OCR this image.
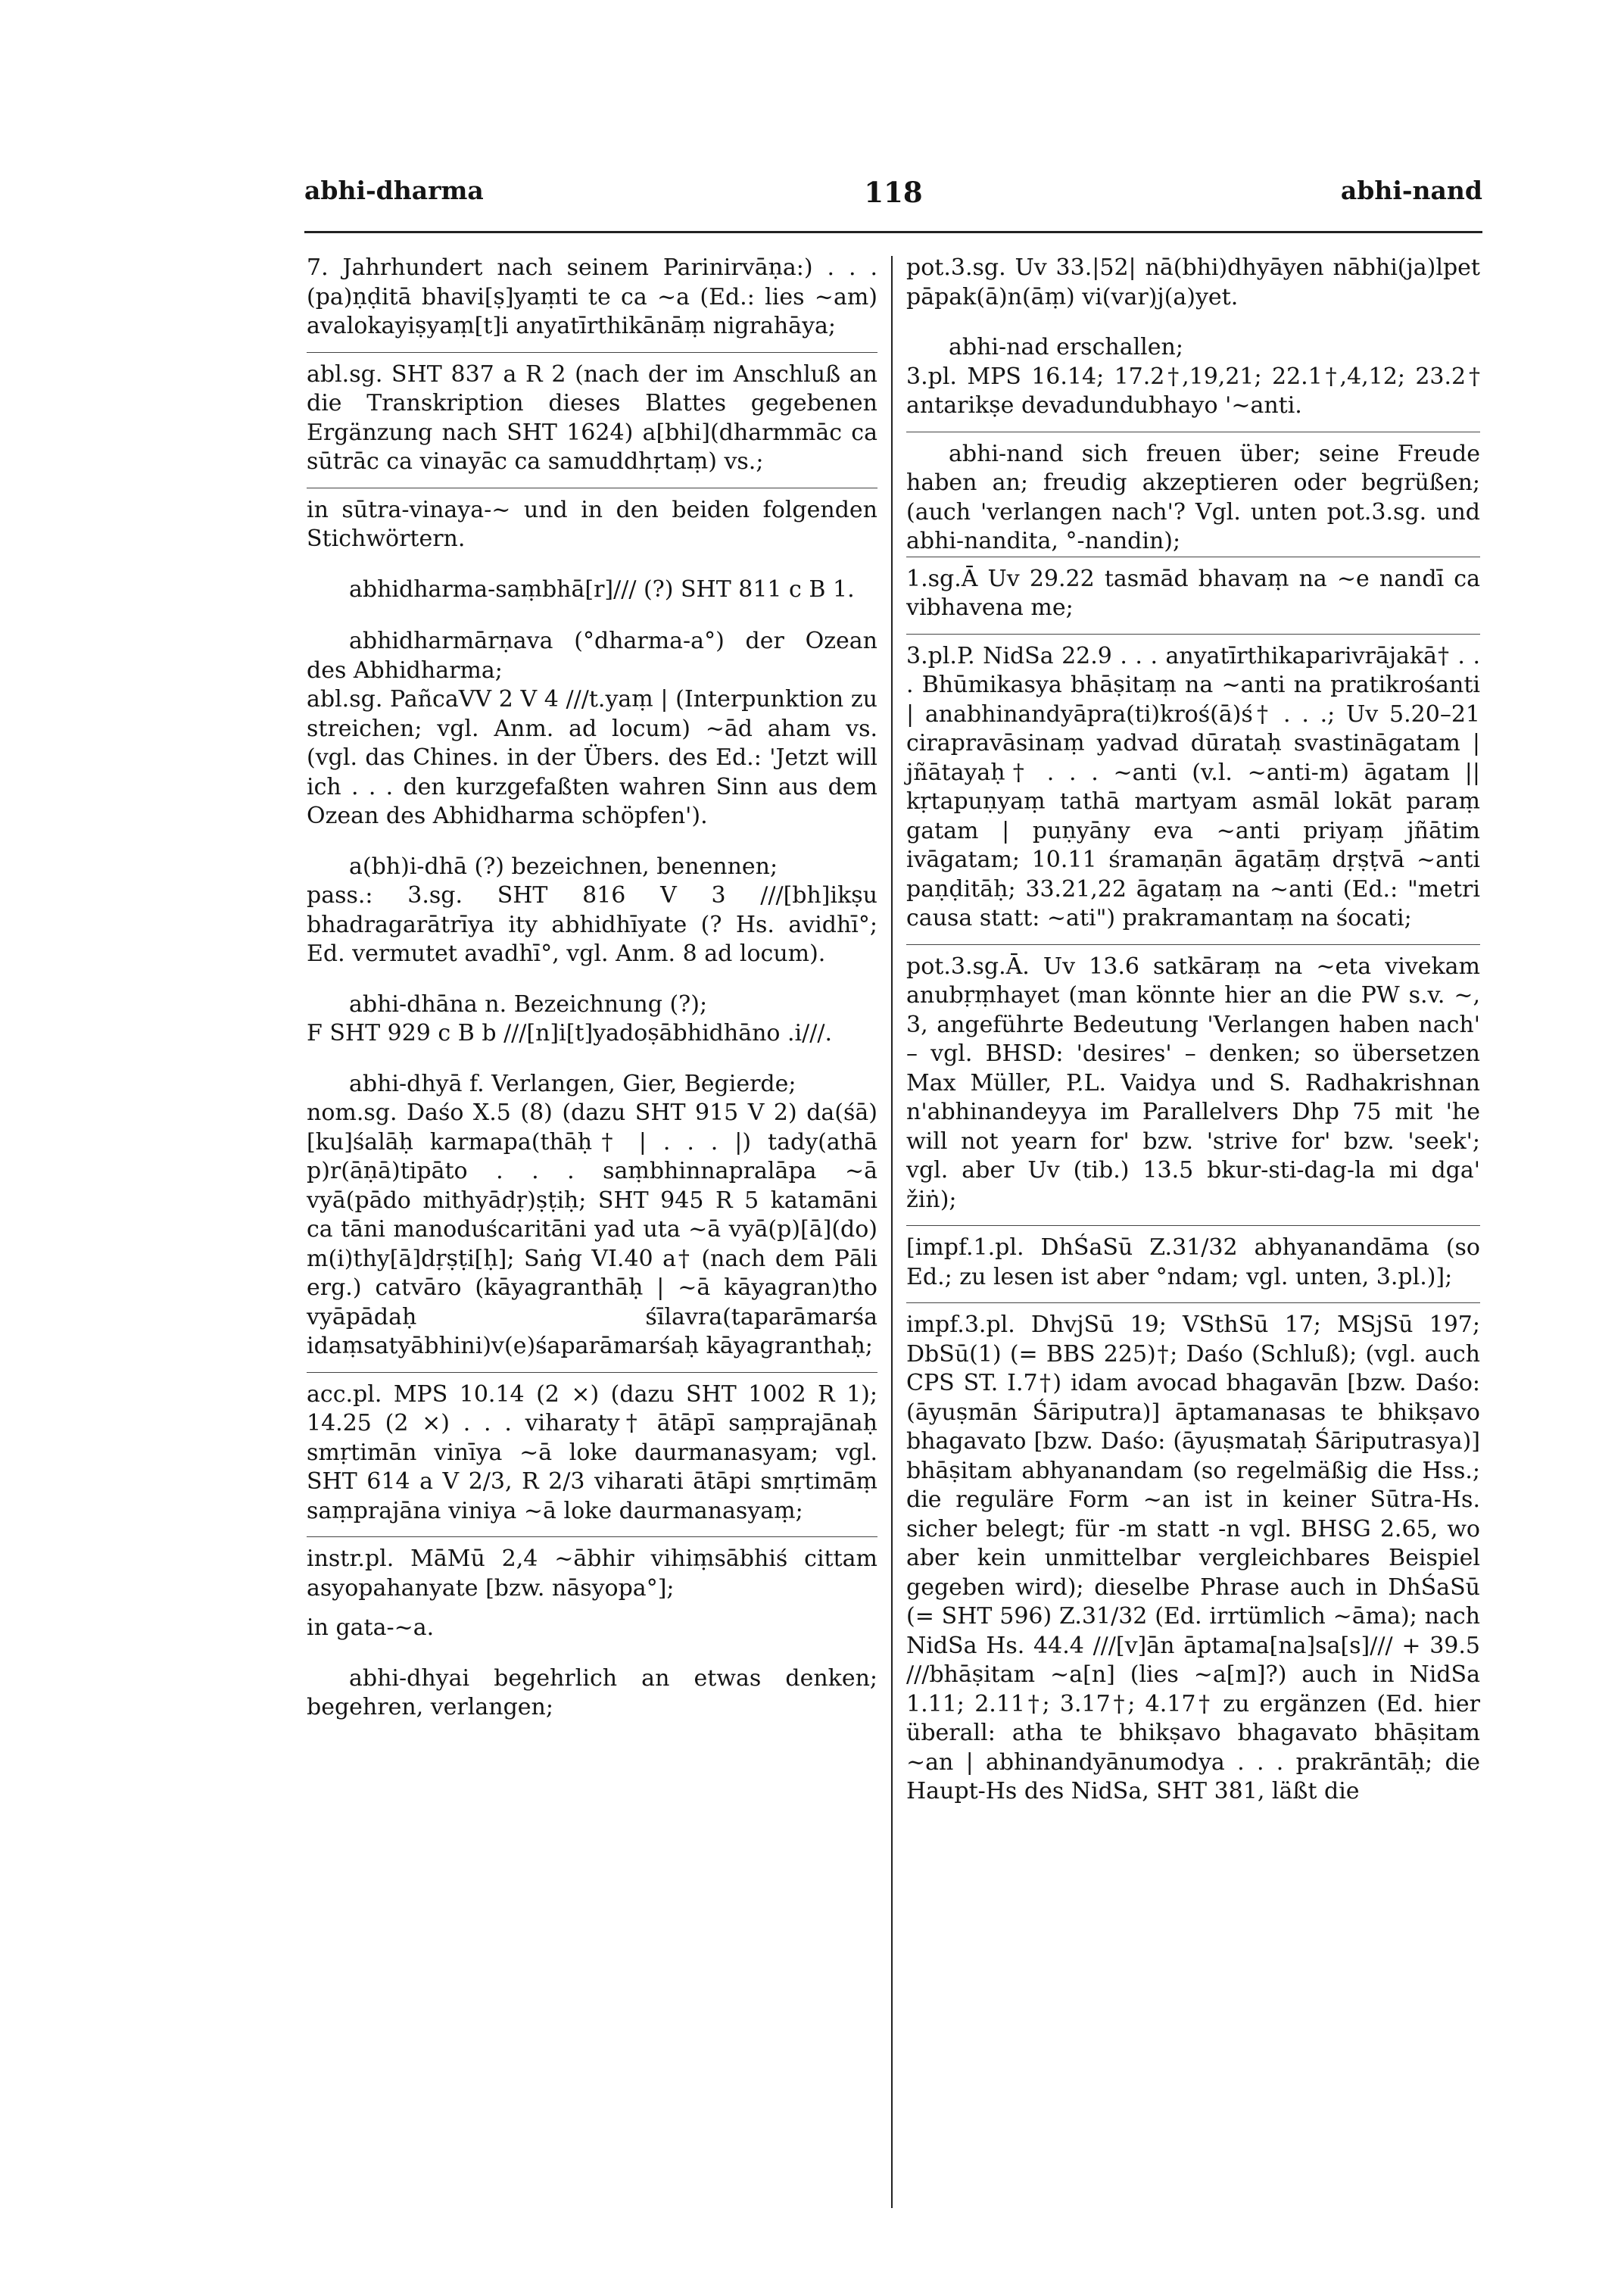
abhi-dharma	118	abhi-nand

7. Jahrhundert nach seinem Parinirvāṇa:) . . . (pa)ṇḍitā bhavi[ṣ]yaṃti te ca ~a (Ed.: lies ~am) avalokayiṣyaṃ[t]i anyatīrthikānāṃ nigrahāya;

abl.sg. SHT 837 a R 2 (nach der im Anschluß an die Transkription dieses Blattes gegebenen Ergänzung nach SHT 1624) a[bhi](dharmmāc ca sūtrāc ca vinayāc ca samuddhṛtaṃ) vs.;

in sūtra-vinaya-~ und in den beiden folgenden Stichwörtern.

abhidharma-saṃbhā[r]/// (?) SHT 811 c B 1.

abhidharmārṇava (°dharma-a°) der Ozean des Abhidharma;

abl.sg. PañcaVV 2 V 4 ///t.yaṃ | (Interpunktion zu streichen; vgl. Anm. ad locum) ~ād aham vs. (vgl. das Chines. in der Übers. des Ed.: 'Jetzt will ich . . . den kurzgefaßten wahren Sinn aus dem Ozean des Abhidharma schöpfen').

a(bh)i-dhā (?) bezeichnen, benennen;

pass.: 3.sg. SHT 816 V 3 ///[bh]ikṣu bhadragarātrīya ity abhidhīyate (? Hs. avidhī°; Ed. vermutet avadhī°, vgl. Anm. 8 ad locum).

abhi-dhāna n. Bezeichnung (?);

F SHT 929 c B b ///[n]i[t]yadoṣābhidhāno .i///.

abhi-dhyā f. Verlangen, Gier, Begierde;

nom.sg. Daśo X.5 (8) (dazu SHT 915 V 2) da(śā)[ku]śalāḥ karmapa(thāḥ† | . . . |) tady(athā p)r(āṇā)tipāto . . . saṃbhinnapralāpa ~ā vyā(pādo mithyādṛ)ṣṭiḥ; SHT 945 R 5 katamāni ca tāni manoduścaritāni yad uta ~ā vyā(p)[ā](do) m(i)thy[ā]dṛṣṭi[ḥ]; Saṅg VI.40 a† (nach dem Pāli erg.) catvāro (kāyagranthāḥ | ~ā kāyagran)tho vyāpādaḥ śīlavra(taparāmarśa idaṃsatyābhini)v(e)śaparāmarśaḥ kāyagranthaḥ;

acc.pl. MPS 10.14 (2 ×) (dazu SHT 1002 R 1); 14.25 (2 ×) . . . viharaty† ātāpī saṃprajānaḥ smṛtimān vinīya ~ā loke daurmanasyam; vgl. SHT 614 a V 2/3, R 2/3 viharati ātāpi smṛtimāṃ saṃprajāna viniya ~ā loke daurmanasyaṃ;

instr.pl. MāMū 2,4 ~ābhir vihiṃsābhiś cittam asyopahanyate [bzw. nāsyopa°];

in gata-~a.

abhi-dhyai begehrlich an etwas denken; begehren, verlangen;

pot.3.sg. Uv 33.|52| nā(bhi)dhyāyen nābhi(ja)lpet pāpak(ā)n(āṃ) vi(var)j(a)yet.

abhi-nad erschallen;

3.pl. MPS 16.14; 17.2†,19,21; 22.1†,4,12; 23.2† antarikṣe devadundubhayo '~anti.

abhi-nand sich freuen über; seine Freude haben an; freudig akzeptieren oder begrüßen; (auch 'verlangen nach'? Vgl. unten pot.3.sg. und abhi-nandita, °-nandin);

1.sg.Ā Uv 29.22 tasmād bhavaṃ na ~e nandī ca vibhavena me;

3.pl.P. NidSa 22.9 . . . anyatīrthikaparivrājakā† . . . Bhūmikasya bhāṣitaṃ na ~anti na pratikrośanti | anabhinandyāpra(ti)kroś(ā)ś† . . .; Uv 5.20–21 cirapravāsinaṃ yadvad dūrataḥ svastināgatam | jñātayaḥ† . . . ~anti (v.l. ~anti-m) āgatam || kṛtapuṇyaṃ tathā martyam asmāl lokāt paraṃ gatam | puṇyāny eva ~anti priyaṃ jñātim ivāgatam; 10.11 śramaṇān āgatāṃ dṛṣṭvā ~anti paṇḍitāḥ; 33.21,22 āgataṃ na ~anti (Ed.: "metri causa statt: ~ati") prakramantaṃ na śocati;

pot.3.sg.Ā. Uv 13.6 satkāraṃ na ~eta vivekam anubṛṃhayet (man könnte hier an die PW s.v. ~, 3, angeführte Bedeutung 'Verlangen haben nach' – vgl. BHSD: 'desires' – denken; so übersetzen Max Müller, P.L. Vaidya und S. Radhakrishnan n'abhinandeyya im Parallelvers Dhp 75 mit 'he will not yearn for' bzw. 'strive for' bzw. 'seek'; vgl. aber Uv (tib.) 13.5 bkur-sti-dag-la mi dga' žiṅ);

[impf.1.pl. DhŚaSū Z.31/32 abhyanandāma (so Ed.; zu lesen ist aber °ndam; vgl. unten, 3.pl.)];

impf.3.pl. DhvjSū 19; VSthSū 17; MSjSū 197; DbSū(1) (= BBS 225)†; Daśo (Schluß); (vgl. auch CPS ST. I.7†) idam avocad bhagavān [bzw. Daśo: (āyuṣmān Śāriputra)] āptamanasas te bhikṣavo bhagavato [bzw. Daśo: (āyuṣmataḥ Śāriputrasya)] bhāṣitam abhyanandam (so regelmäßig die Hss.; die reguläre Form ~an ist in keiner Sūtra-Hs. sicher belegt; für -m statt -n vgl. BHSG 2.65, wo aber kein unmittelbar vergleichbares Beispiel gegeben wird); dieselbe Phrase auch in DhŚaSū (= SHT 596) Z.31/32 (Ed. irrtümlich ~āma); nach NidSa Hs. 44.4 ///[v]ān āptama[na]sa[s]/// + 39.5 ///bhāṣitam ~a[n] (lies ~a[m]?) auch in NidSa 1.11; 2.11†; 3.17†; 4.17† zu ergänzen (Ed. hier überall: atha te bhikṣavo bhagavato bhāṣitam ~an | abhinandyānumodya . . . prakrāntāḥ; die Haupt-Hs des NidSa, SHT 381, läßt die
